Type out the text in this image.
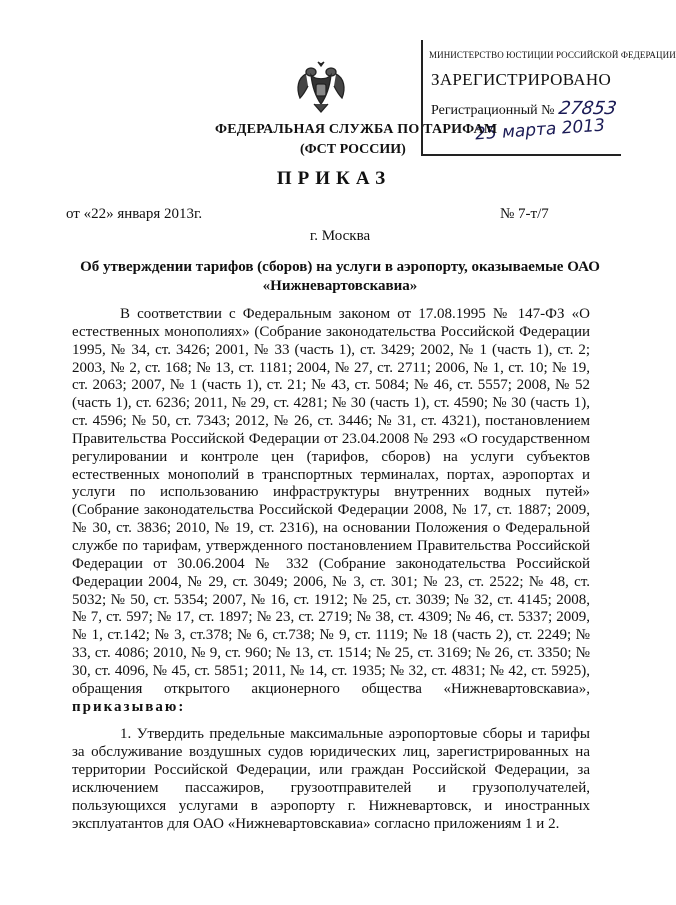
МИНИСТЕРСТВО ЮСТИЦИИ РОССИЙСКОЙ ФЕДЕРАЦИИ
ЗАРЕГИСТРИРОВАНО
Регистрационный № 27853
25 марта 2013
ФЕДЕРАЛЬНАЯ СЛУЖБА ПО ТАРИФАМ
(ФСТ РОССИИ)
ПРИКАЗ
от «22» января 2013г.	№ 7-т/7
г. Москва
Об утверждении тарифов (сборов) на услуги в аэропорту, оказываемые ОАО «Нижневартовскавиа»

В соответствии с Федеральным законом от 17.08.1995 № 147-ФЗ «О естественных монополиях» (Собрание законодательства Российской Федерации 1995, № 34, ст. 3426; 2001, № 33 (часть 1), ст. 3429; 2002, № 1 (часть 1), ст. 2; 2003, № 2, ст. 168; № 13, ст. 1181; 2004, № 27, ст. 2711; 2006, № 1, ст. 10; № 19, ст. 2063; 2007, № 1 (часть 1), ст. 21; № 43, ст. 5084; № 46, ст. 5557; 2008, № 52 (часть 1), ст. 6236; 2011, № 29, ст. 4281; № 30 (часть 1), ст. 4590; № 30 (часть 1), ст. 4596; № 50, ст. 7343; 2012, № 26, ст. 3446; № 31, ст. 4321), постановлением Правительства Российской Федерации от 23.04.2008 № 293 «О государственном регулировании и контроле цен (тарифов, сборов) на услуги субъектов естественных монополий в транспортных терминалах, портах, аэропортах и услуги по использованию инфраструктуры внутренних водных путей» (Собрание законодательства Российской Федерации 2008, № 17, ст. 1887; 2009, № 30, ст. 3836; 2010, № 19, ст. 2316), на основании Положения о Федеральной службе по тарифам, утвержденного постановлением Правительства Российской Федерации от 30.06.2004 № 332 (Собрание законодательства Российской Федерации 2004, № 29, ст. 3049; 2006, № 3, ст. 301; № 23, ст. 2522; № 48, ст. 5032; № 50, ст. 5354; 2007, № 16, ст. 1912; № 25, ст. 3039; № 32, ст. 4145; 2008, № 7, ст. 597; № 17, ст. 1897; № 23, ст. 2719; № 38, ст. 4309; № 46, ст. 5337; 2009, № 1, ст.142; № 3, ст.378; № 6, ст.738; № 9, ст. 1119; № 18 (часть 2), ст. 2249; № 33, ст. 4086; 2010, № 9, ст. 960; № 13, ст. 1514; № 25, ст. 3169; № 26, ст. 3350; № 30, ст. 4096, № 45, ст. 5851; 2011, № 14, ст. 1935; № 32, ст. 4831; № 42, ст. 5925), обращения открытого акционерного общества «Нижневартовскавиа», приказываю:

1. Утвердить предельные максимальные аэропортовые сборы и тарифы за обслуживание воздушных судов юридических лиц, зарегистрированных на территории Российской Федерации, или граждан Российской Федерации, за исключением пассажиров, грузоотправителей и грузополучателей, пользующихся услугами в аэропорту г. Нижневартовск, и иностранных эксплуатантов для ОАО «Нижневартовскавиа» согласно приложениям 1 и 2.
